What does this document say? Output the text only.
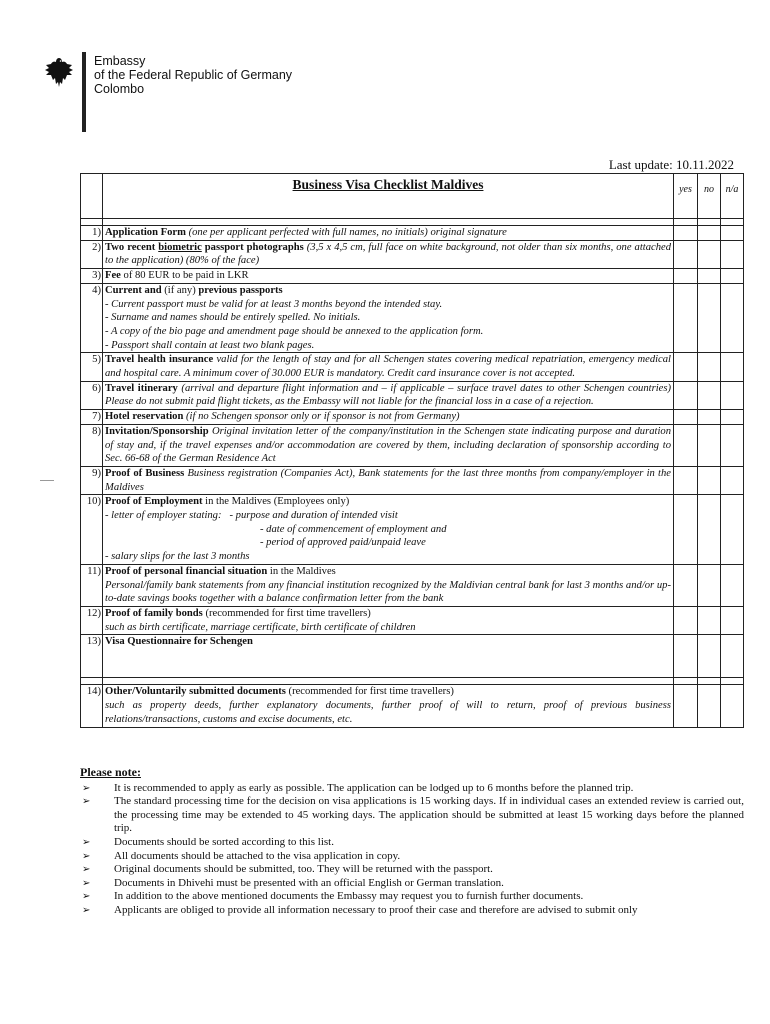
Embassy
of the Federal Republic of Germany
Colombo
Last update: 10.11.2022
	Business Visa Checklist Maldives	yes	no	n/a

1)	Application Form (one per applicant perfected with full names, no initials) original signature			
2)	Two recent biometric passport photographs (3,5 x 4,5 cm, full face on white background, not older than six months, one attached to the application) (80% of the face)			
3)	Fee of 80 EUR to be paid in LKR			
4)	Current and (if any) previous passports
- Current passport must be valid for at least 3 months beyond the intended stay.
- Surname and names should be entirely spelled. No initials.
- A copy of the bio page and amendment page should be annexed to the application form.
- Passport shall contain at least two blank pages.			
5)	Travel health insurance valid for the length of stay and for all Schengen states covering medical repatriation, emergency medical and hospital care. A minimum cover of 30.000 EUR is mandatory. Credit card insurance cover is not accepted.			
6)	Travel itinerary (arrival and departure flight information and – if applicable – surface travel dates to other Schengen countries) Please do not submit paid flight tickets, as the Embassy will not liable for the financial loss in a case of a rejection.			
7)	Hotel reservation (if no Schengen sponsor only or if sponsor is not from Germany)			
8)	Invitation/Sponsorship Original invitation letter of the company/institution in the Schengen state indicating purpose and duration of stay and, if the travel expenses and/or accommodation are covered by them, including declaration of sponsorship according to Sec. 66-68 of the German Residence Act			
9)	Proof of Business Business registration (Companies Act), Bank statements for the last three months from company/employer in the Maldives			
10)	Proof of Employment in the Maldives (Employees only)
- letter of employer stating: - purpose and duration of intended visit

- date of commencement of employment and
- period of approved paid/unpaid leave
- salary slips for the last 3 months			
11)	Proof of personal financial situation in the Maldives
Personal/family bank statements from any financial institution recognized by the Maldivian central bank for last 3 months and/or up-to-date savings books together with a balance confirmation letter from the bank			
12)	Proof of family bonds (recommended for first time travellers)
such as birth certificate, marriage certificate, birth certificate of children			
13)	Visa Questionnaire for Schengen			

14)	Other/Voluntarily submitted documents (recommended for first time travellers)
such as property deeds, further explanatory documents, further proof of will to return, proof of previous business relations/transactions, customs and excise documents, etc.			
Please note:
➢ It is recommended to apply as early as possible. The application can be lodged up to 6 months before the planned trip.
➢ The standard processing time for the decision on visa applications is 15 working days. If in individual cases an extended review is carried out, the processing time may be extended to 45 working days. The application should be submitted at least 15 working days before the planned trip.
➢ Documents should be sorted according to this list.
➢ All documents should be attached to the visa application in copy.
➢ Original documents should be submitted, too. They will be returned with the passport.
➢ Documents in Dhivehi must be presented with an official English or German translation.
➢ In addition to the above mentioned documents the Embassy may request you to furnish further documents.
➢ Applicants are obliged to provide all information necessary to proof their case and therefore are advised to submit only
